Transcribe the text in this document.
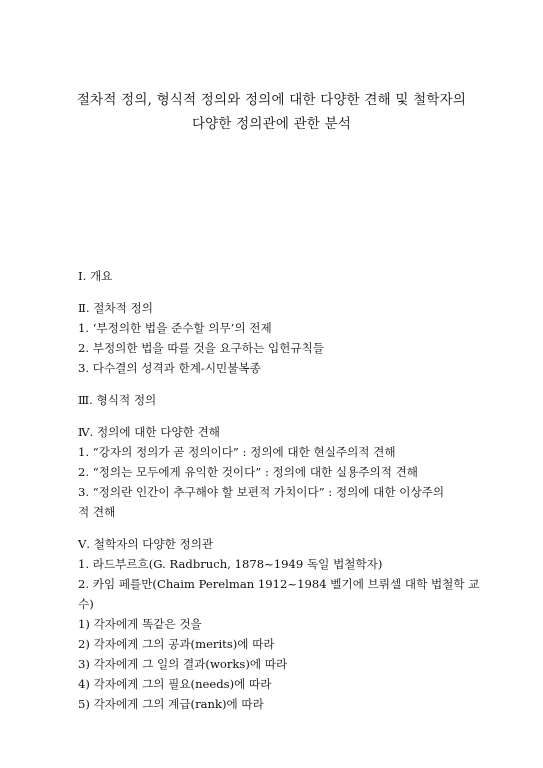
절차적 정의, 형식적 정의와 정의에 대한 다양한 견해 및 철학자의
다양한 정의관에 관한 분석
Ⅰ. 개요
Ⅱ. 절차적 정의
1. ‘부정의한 법을 준수할 의무’의 전제
2. 부정의한 법을 따를 것을 요구하는 입헌규칙들
3. 다수결의 성격과 한계-시민불복종
Ⅲ. 형식적 정의
Ⅳ. 정의에 대한 다양한 견해
1. “강자의 정의가 곧 정의이다” : 정의에 대한 현실주의적 견해
2. “정의는 모두에게 유익한 것이다” : 정의에 대한 실용주의적 견해
3. “정의란 인간이 추구해야 할 보편적 가치이다” : 정의에 대한 이상주의
적 견해
Ⅴ. 철학자의 다양한 정의관
1. 라드부르흐(G. Radbruch, 1878~1949 독일 법철학자)
2. 카임 페를만(Chaim Perelman 1912~1984 벨기에 브뤼셀 대학 법철학 교
수)
1) 각자에게 똑같은 것을
2) 각자에게 그의 공과(merits)에 따라
3) 각자에게 그 일의 결과(works)에 따라
4) 각자에게 그의 필요(needs)에 따라
5) 각자에게 그의 계급(rank)에 따라
